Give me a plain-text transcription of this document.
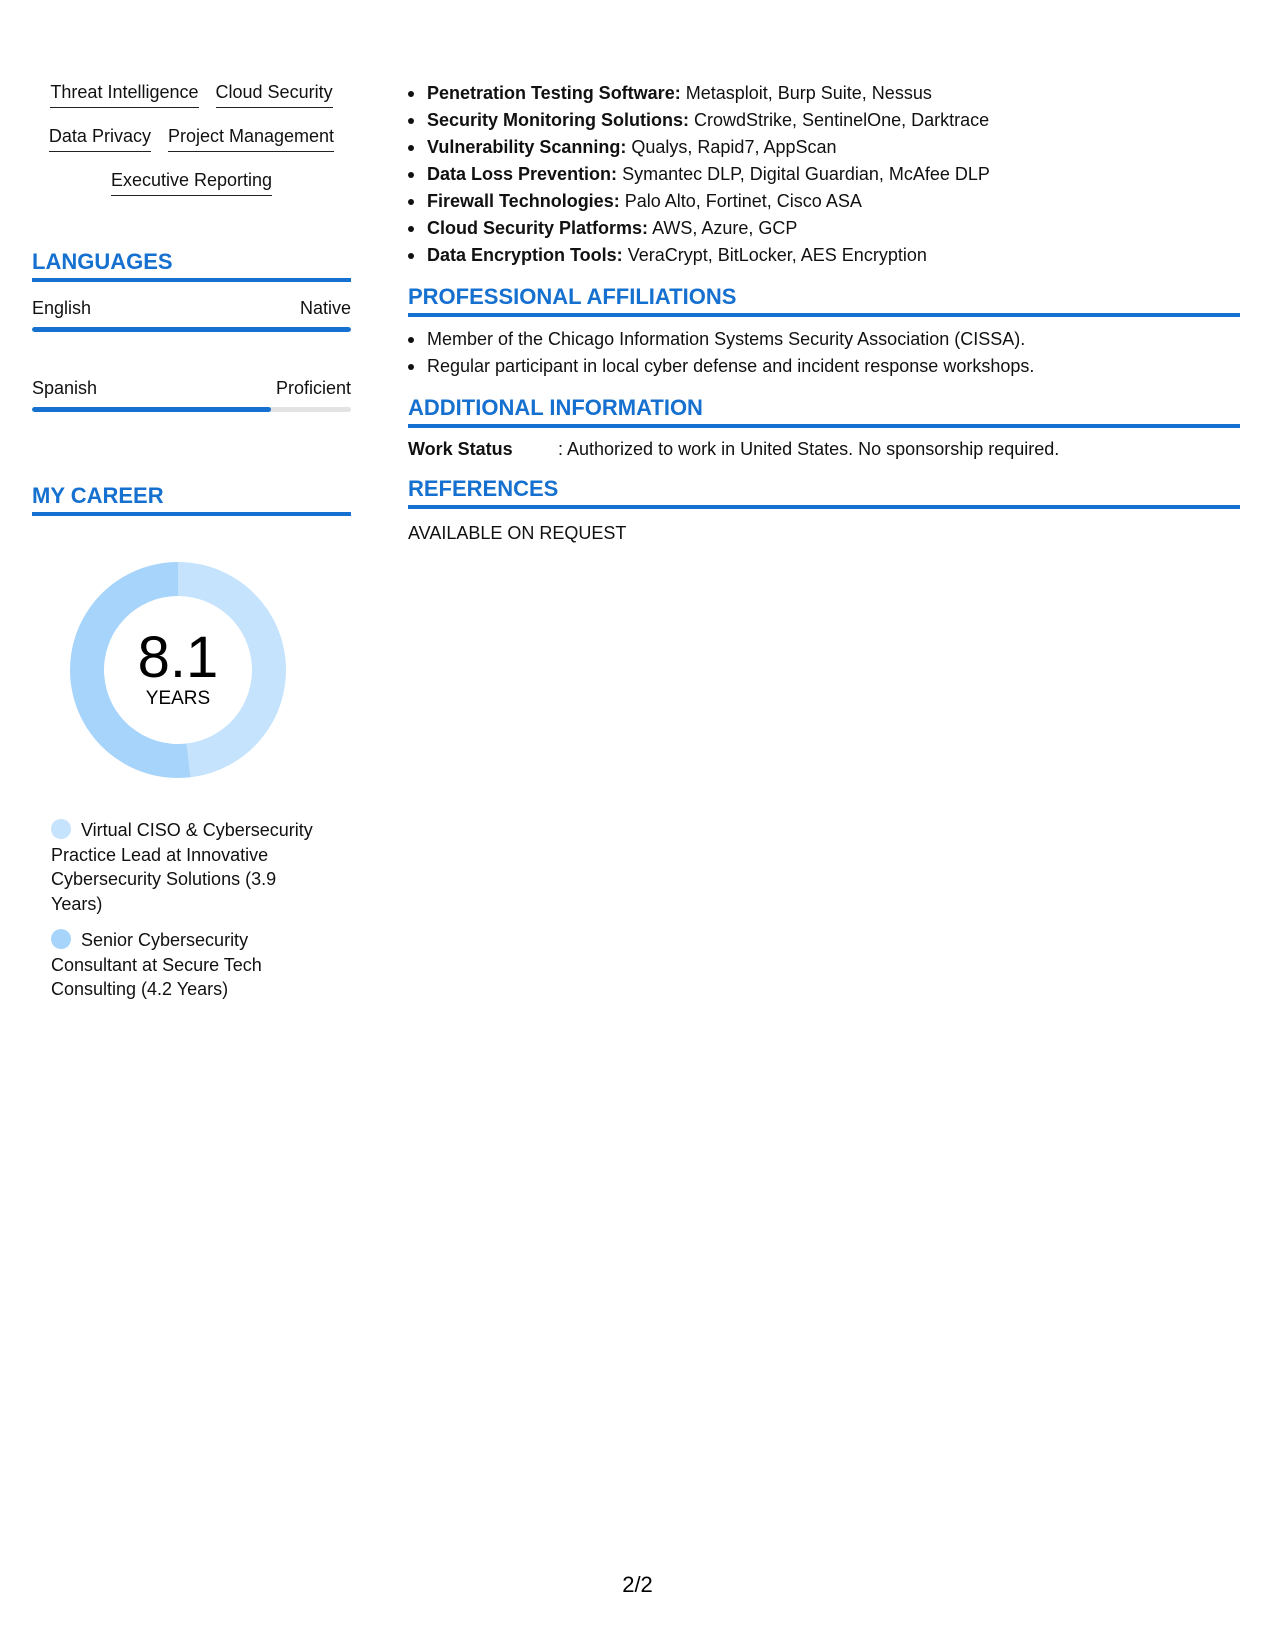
Threat Intelligence Cloud Security
Data Privacy Project Management
Executive Reporting
LANGUAGES
English	Native
Spanish	Proficient
MY CAREER
8.1
YEARS
Virtual CISO & Cybersecurity Practice Lead at Innovative Cybersecurity Solutions (3.9 Years)
Senior Cybersecurity Consultant at Secure Tech Consulting (4.2 Years)
Penetration Testing Software: Metasploit, Burp Suite, Nessus
Security Monitoring Solutions: CrowdStrike, SentinelOne, Darktrace
Vulnerability Scanning: Qualys, Rapid7, AppScan
Data Loss Prevention: Symantec DLP, Digital Guardian, McAfee DLP
Firewall Technologies: Palo Alto, Fortinet, Cisco ASA
Cloud Security Platforms: AWS, Azure, GCP
Data Encryption Tools: VeraCrypt, BitLocker, AES Encryption
PROFESSIONAL AFFILIATIONS
Member of the Chicago Information Systems Security Association (CISSA).
Regular participant in local cyber defense and incident response workshops.
ADDITIONAL INFORMATION
Work Status	: Authorized to work in United States. No sponsorship required.
REFERENCES
AVAILABLE ON REQUEST
2/2
